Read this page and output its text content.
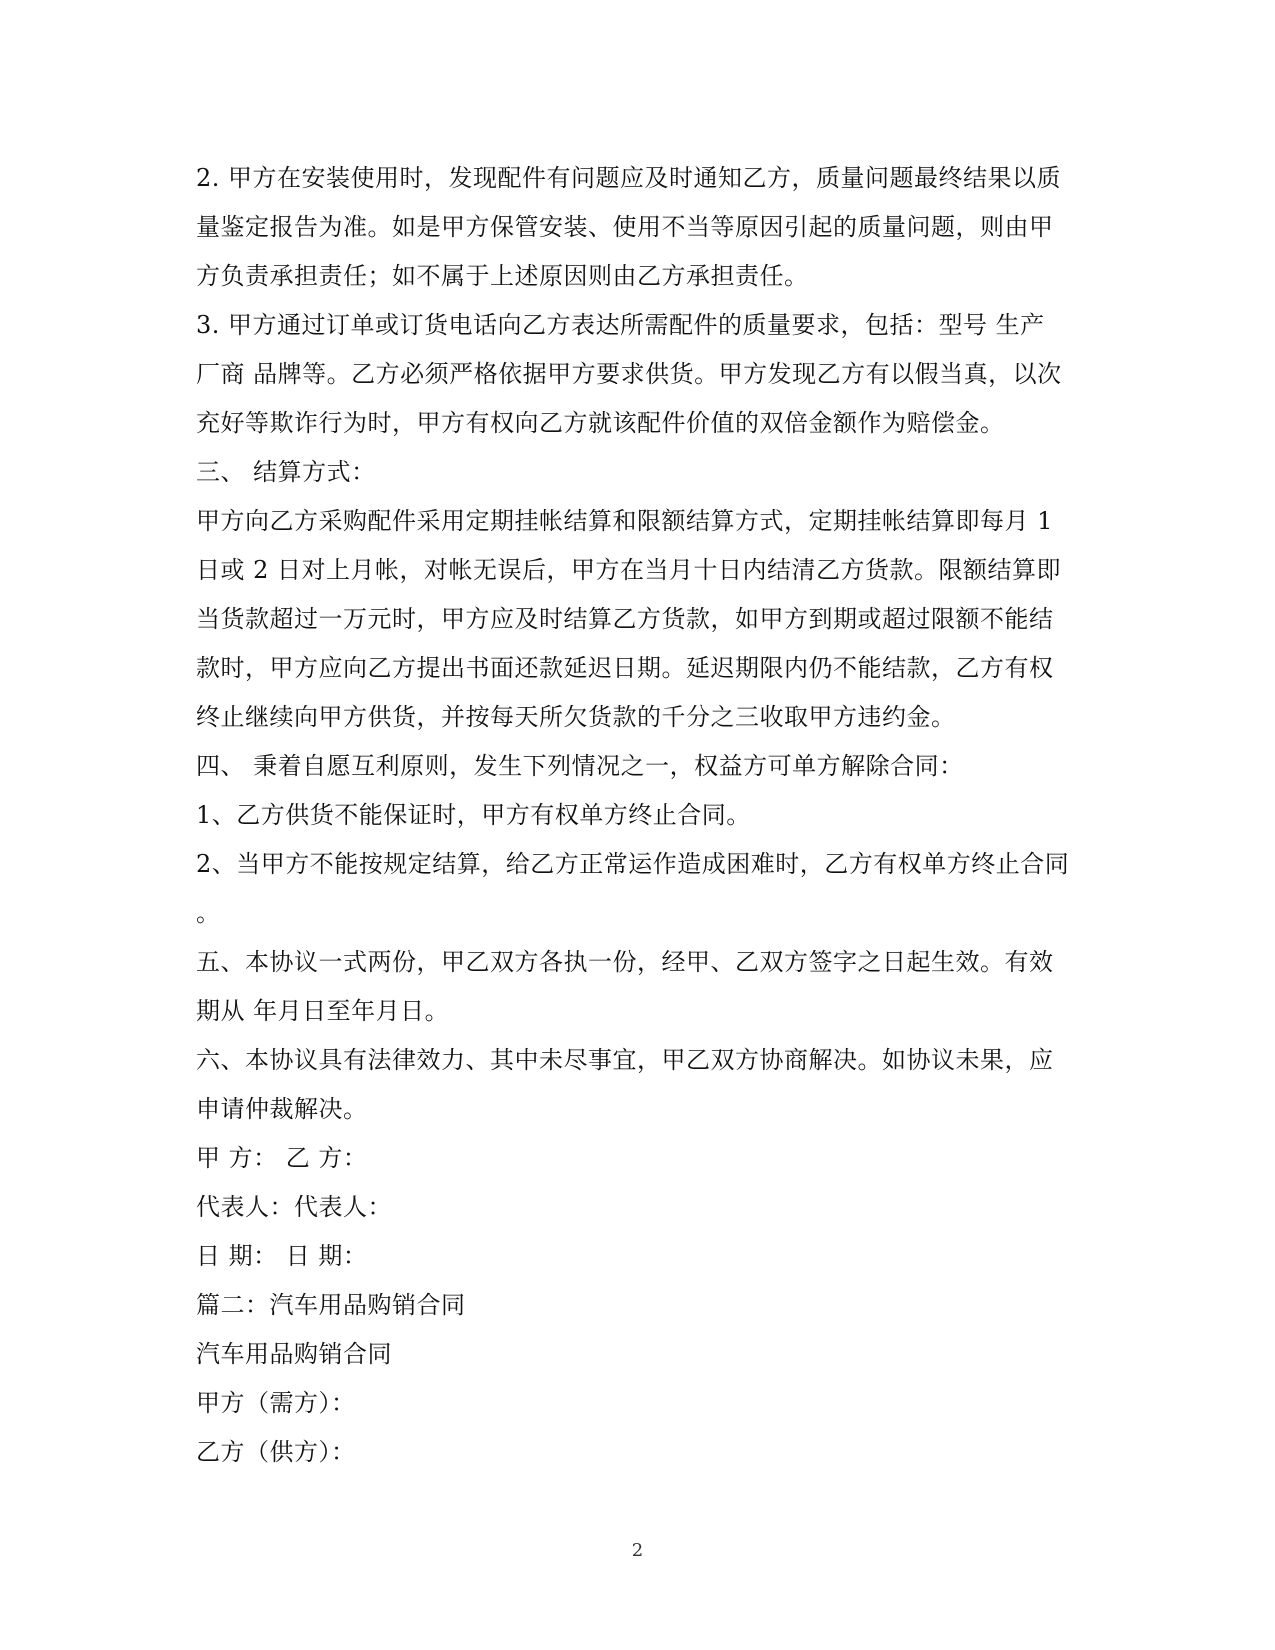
2. 甲方在安装使用时，发现配件有问题应及时通知乙方，质量问题最终结果以质
量鉴定报告为准。如是甲方保管安装、使用不当等原因引起的质量问题，则由甲
方负责承担责任；如不属于上述原因则由乙方承担责任。
3. 甲方通过订单或订货电话向乙方表达所需配件的质量要求，包括：型号 生产
厂商 品牌等。乙方必须严格依据甲方要求供货。甲方发现乙方有以假当真，以次
充好等欺诈行为时，甲方有权向乙方就该配件价值的双倍金额作为赔偿金。
三、 结算方式：
甲方向乙方采购配件采用定期挂帐结算和限额结算方式，定期挂帐结算即每月 1
日或 2 日对上月帐，对帐无误后，甲方在当月十日内结清乙方货款。限额结算即
当货款超过一万元时，甲方应及时结算乙方货款，如甲方到期或超过限额不能结
款时，甲方应向乙方提出书面还款延迟日期。延迟期限内仍不能结款，乙方有权
终止继续向甲方供货，并按每天所欠货款的千分之三收取甲方违约金。
四、 秉着自愿互利原则，发生下列情况之一，权益方可单方解除合同：
1、乙方供货不能保证时，甲方有权单方终止合同。
2、当甲方不能按规定结算，给乙方正常运作造成困难时，乙方有权单方终止合同
。
五、本协议一式两份，甲乙双方各执一份，经甲、乙双方签字之日起生效。有效
期从 年月日至年月日。
六、本协议具有法律效力、其中未尽事宜，甲乙双方协商解决。如协议未果，应
申请仲裁解决。
甲 方： 乙 方：
代表人：代表人：
日 期： 日 期：
篇二：汽车用品购销合同
汽车用品购销合同
甲方（需方）：
乙方（供方）：
2
